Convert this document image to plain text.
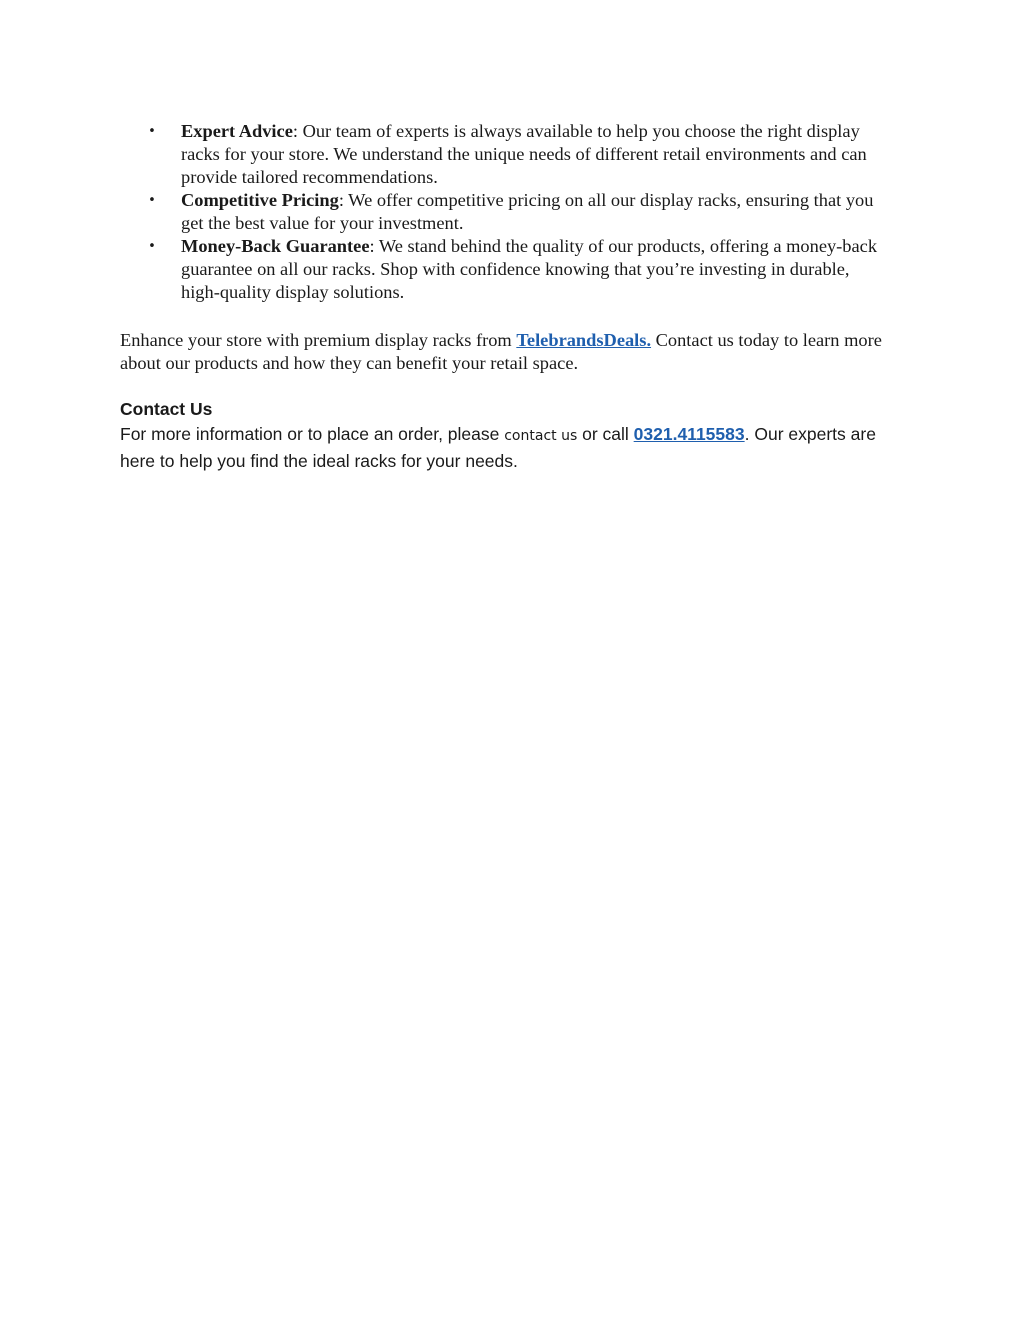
• Expert Advice: Our team of experts is always available to help you choose the right display racks for your store. We understand the unique needs of different retail environments and can provide tailored recommendations.
• Competitive Pricing: We offer competitive pricing on all our display racks, ensuring that you get the best value for your investment.
• Money-Back Guarantee: We stand behind the quality of our products, offering a money-back guarantee on all our racks. Shop with confidence knowing that you’re investing in durable, high-quality display solutions.

Enhance your store with premium display racks from TelebrandsDeals. Contact us today to learn more about our products and how they can benefit your retail space.

Contact Us

For more information or to place an order, please contact us or call 0321.4115583. Our experts are here to help you find the ideal racks for your needs.
